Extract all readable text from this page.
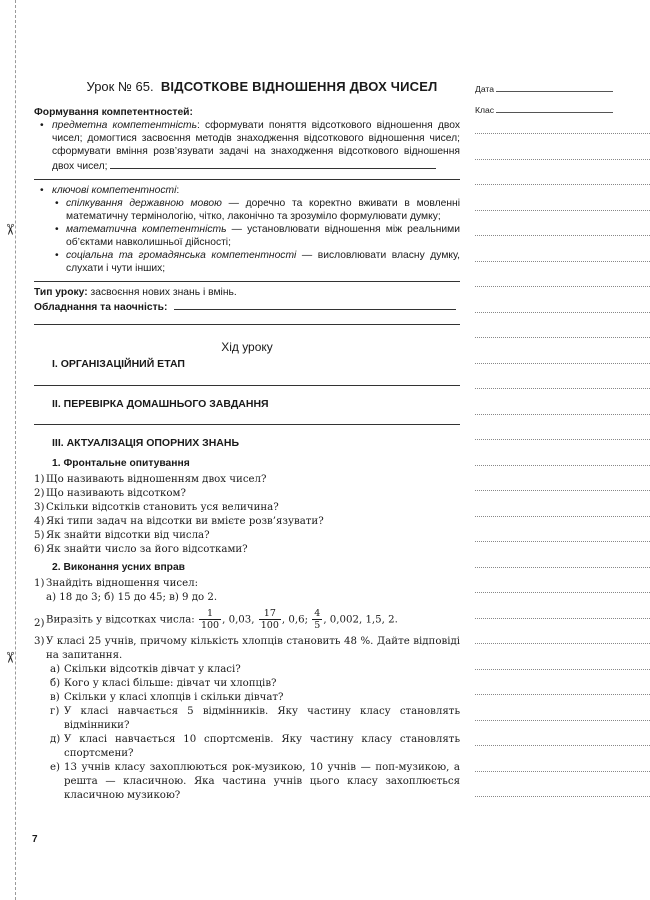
✂
✂
Дата
Клас
Урок № 65. ВІДСОТКОВЕ ВІДНОШЕННЯ ДВОХ ЧИСЕЛ
Формування компетентностей:
• предметна компетентність: сформувати поняття відсоткового відношення двох чисел; домогтися засвоєння методів знаходження відсоткового відношення чисел; сформувати вміння розв’язувати задачі на знаходження відсоткового відношення двох чисел;
• ключові компетентності:
• спілкування державною мовою — доречно та коректно вживати в мовленні математичну термінологію, чітко, лаконічно та зрозуміло формулювати думку;
• математична компетентність — установлювати відношення між реальними об’єктами навколишньої дійсності;
• соціальна та громадянська компетентності — висловлювати власну думку, слухати і чути інших;
Тип уроку: засвоєння нових знань і вмінь.
Обладнання та наочність:
Хід уроку
I. ОРГАНІЗАЦІЙНИЙ ЕТАП
II. ПЕРЕВІРКА ДОМАШНЬОГО ЗАВДАННЯ
III. АКТУАЛІЗАЦІЯ ОПОРНИХ ЗНАНЬ
1. Фронтальне опитування
1) Що називають відношенням двох чисел?
2) Що називають відсотком?
3) Скільки відсотків становить уся величина?
4) Які типи задач на відсотки ви вмієте розв’язувати?
5) Як знайти відсотки від числа?
6) Як знайти число за його відсотками?
2. Виконання усних вправ
1) Знайдіть відношення чисел:
а) 18 до 3; б) 15 до 45; в) 9 до 2.
2) Виразіть у відсотках числа: $\frac{1}{100}$ , 0,03, $\frac{17}{100}$ , 0,6; $\frac{4}{5}$ , 0,002, 1,5, 2.
3) У класі 25 учнів, причому кількість хлопців становить 48 %. Дайте відповіді на запитання.
а) Скільки відсотків дівчат у класі?
б) Кого у класі більше: дівчат чи хлопців?
в) Скільки у класі хлопців і скільки дівчат?
г) У класі навчається 5 відмінників. Яку частину класу становлять відмінники?
д) У класі навчається 10 спортсменів. Яку частину класу становлять спортсмени?
е) 13 учнів класу захоплюються рок-музикою, 10 учнів — поп-музикою, а решта — класичною. Яка частина учнів цього класу захоплюється класичною музикою?
7
